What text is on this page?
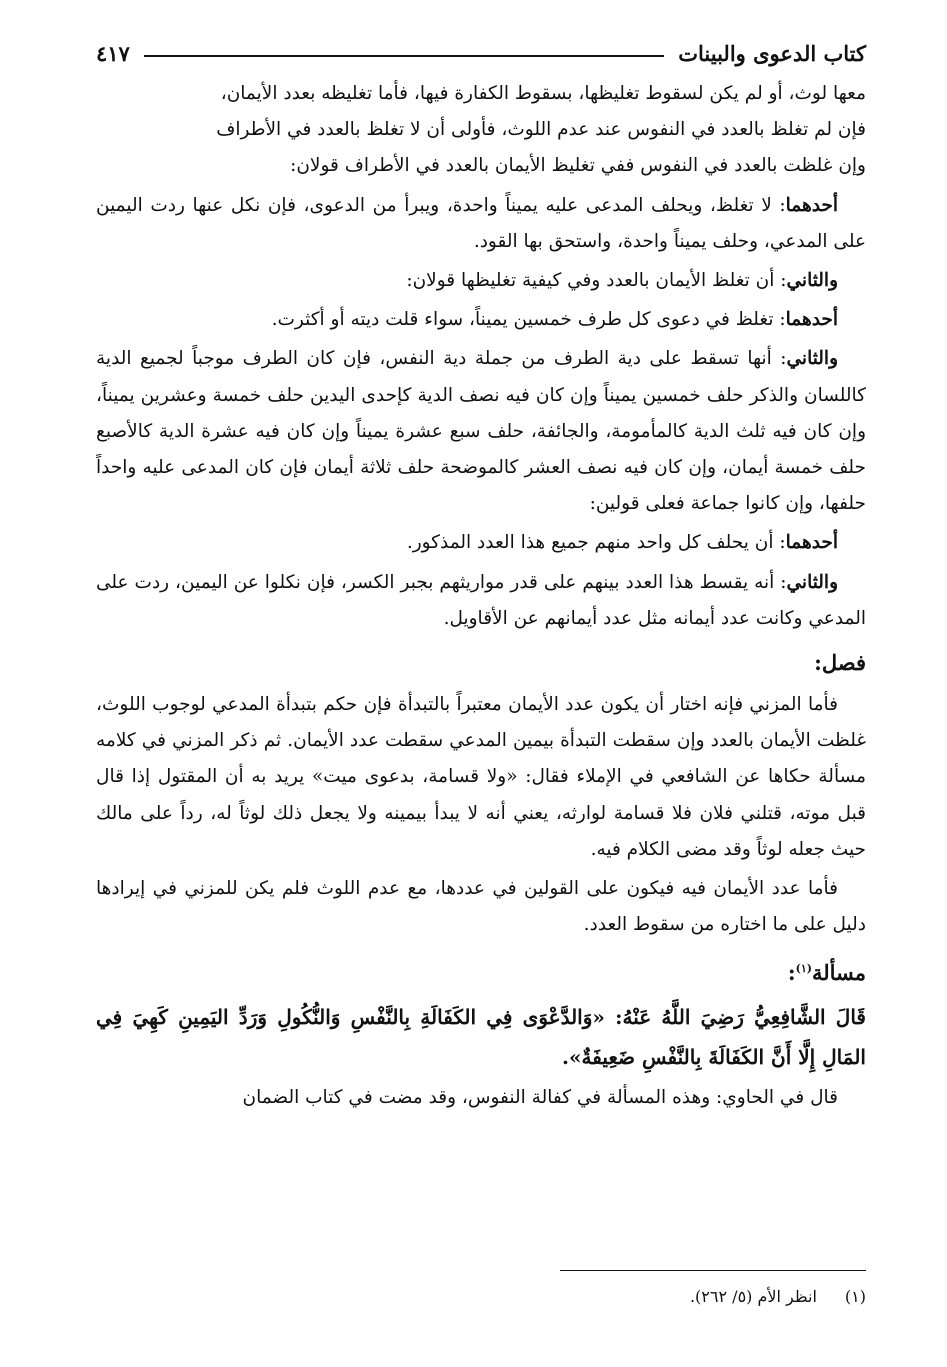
كتاب الدعوى والبينات
٤١٧

معها لوث، أو لم يكن لسقوط تغليظها، بسقوط الكفارة فيها، فأما تغليظه بعدد الأيمان،

فإن لم تغلظ بالعدد في النفوس عند عدم اللوث، فأولى أن لا تغلظ بالعدد في الأطراف

وإن غلظت بالعدد في النفوس ففي تغليظ الأيمان بالعدد في الأطراف قولان:

أحدهما: لا تغلظ، ويحلف المدعى عليه يميناً واحدة، ويبرأ من الدعوى، فإن نكل عنها ردت اليمين على المدعي، وحلف يميناً واحدة، واستحق بها القود.

والثاني: أن تغلظ الأيمان بالعدد وفي كيفية تغليظها قولان:

أحدهما: تغلظ في دعوى كل طرف خمسين يميناً، سواء قلت ديته أو أكثرت.

والثاني: أنها تسقط على دية الطرف من جملة دية النفس، فإن كان الطرف موجباً لجميع الدية كاللسان والذكر حلف خمسين يميناً وإن كان فيه نصف الدية كإحدى اليدين حلف خمسة وعشرين يميناً، وإن كان فيه ثلث الدية كالمأمومة، والجائفة، حلف سبع عشرة يميناً وإن كان فيه عشرة الدية كالأصبع حلف خمسة أيمان، وإن كان فيه نصف العشر كالموضحة حلف ثلاثة أيمان فإن كان المدعى عليه واحداً حلفها، وإن كانوا جماعة فعلى قولين:

أحدهما: أن يحلف كل واحد منهم جميع هذا العدد المذكور.

والثاني: أنه يقسط هذا العدد بينهم على قدر مواريثهم بجبر الكسر، فإن نكلوا عن اليمين، ردت على المدعي وكانت عدد أيمانه مثل عدد أيمانهم عن الأقاويل.

فصل:

فأما المزني فإنه اختار أن يكون عدد الأيمان معتبراً بالتبدأة فإن حكم بتبدأة المدعي لوجوب اللوث، غلظت الأيمان بالعدد وإن سقطت التبدأة بيمين المدعي سقطت عدد الأيمان. ثم ذكر المزني في كلامه مسألة حكاها عن الشافعي في الإملاء فقال: «ولا قسامة، بدعوى ميت» يريد به أن المقتول إذا قال قبل موته، قتلني فلان فلا قسامة لوارثه، يعني أنه لا يبدأ بيمينه ولا يجعل ذلك لوثاً له، رداً على مالك حيث جعله لوثاً وقد مضى الكلام فيه.

فأما عدد الأيمان فيه فيكون على القولين في عددها، مع عدم اللوث فلم يكن للمزني في إيرادها دليل على ما اختاره من سقوط العدد.

مسألة$^{(١)}$:

قَالَ الشَّافِعِيُّ رَضِيَ اللَّهُ عَنْهُ: «وَالدَّعْوَى فِي الكَفَالَةِ بِالنَّفْسِ وَالنُّكُولِ وَرَدِّ اليَمِينِ كَهِيَ فِي المَالِ إِلَّا أَنَّ الكَفَالَةَ بِالنَّفْسِ ضَعِيفَةٌ».

قال في الحاوي: وهذه المسألة في كفالة النفوس، وقد مضت في كتاب الضمان

(١)انظر الأم (٥/ ٢٦٢).
